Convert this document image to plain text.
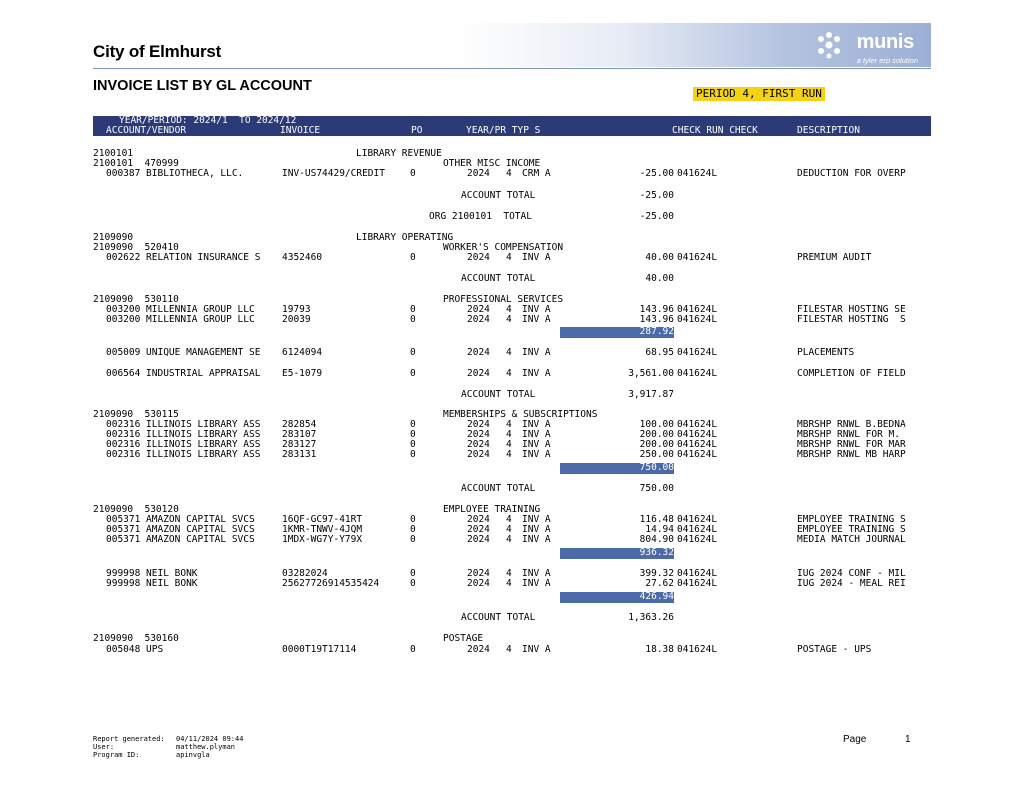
City of Elmhurst	munis
a tyler erp solution
INVOICE LIST BY GL ACCOUNT	PERIOD 4, FIRST RUN
YEAR/PERIOD: 2024/1  TO 2024/12
ACCOUNT/VENDOR	INVOICE	PO	YEAR/PR TYP S	CHECK RUN CHECK	DESCRIPTION
2100101	LIBRARY REVENUE
2100101  470999	OTHER MISC INCOME
000387 BIBLIOTHECA, LLC.	INV-US74429/CREDIT	0	2024 4 CRM A	-25.00 041624L	DEDUCTION FOR OVERP
ACCOUNT TOTAL	-25.00
ORG 2100101  TOTAL	-25.00
2109090	LIBRARY OPERATING
2109090  520410	WORKER'S COMPENSATION
002622 RELATION INSURANCE S 4352460	0	2024 4 INV A	40.00 041624L	PREMIUM AUDIT
ACCOUNT TOTAL	40.00
2109090  530110	PROFESSIONAL SERVICES
003200 MILLENNIA GROUP LLC	19793	0	2024 4 INV A	143.96 041624L	FILESTAR HOSTING SE
003200 MILLENNIA GROUP LLC	20039	0	2024 4 INV A	143.96 041624L	FILESTAR HOSTING  S
287.92
005009 UNIQUE MANAGEMENT SE 6124094	0	2024 4 INV A	68.95 041624L	PLACEMENTS
006564 INDUSTRIAL APPRAISAL E5-1079	0	2024 4 INV A	3,561.00 041624L	COMPLETION OF FIELD
ACCOUNT TOTAL	3,917.87
2109090  530115	MEMBERSHIPS & SUBSCRIPTIONS
002316 ILLINOIS LIBRARY ASS 282854	0	2024 4 INV A	100.00 041624L	MBRSHP RNWL B.BEDNA
002316 ILLINOIS LIBRARY ASS 283107	0	2024 4 INV A	200.00 041624L	MBRSHP RNWL FOR M.
002316 ILLINOIS LIBRARY ASS 283127	0	2024 4 INV A	200.00 041624L	MBRSHP RNWL FOR MAR
002316 ILLINOIS LIBRARY ASS 283131	0	2024 4 INV A	250.00 041624L	MBRSHP RNWL MB HARP
750.00
ACCOUNT TOTAL	750.00
2109090  530120	EMPLOYEE TRAINING
005371 AMAZON CAPITAL SVCS	16QF-GC97-41RT	0	2024 4 INV A	116.48 041624L	EMPLOYEE TRAINING S
005371 AMAZON CAPITAL SVCS	1KMR-TNWV-4JQM	0	2024 4 INV A	14.94 041624L	EMPLOYEE TRAINING S
005371 AMAZON CAPITAL SVCS	1MDX-WG7Y-Y79X	0	2024 4 INV A	804.90 041624L	MEDIA MATCH JOURNAL
936.32
999998 NEIL BONK	03282024	0	2024 4 INV A	399.32 041624L	IUG 2024 CONF - MIL
999998 NEIL BONK	25627726914535424	0	2024 4 INV A	27.62 041624L	IUG 2024 - MEAL REI
426.94
ACCOUNT TOTAL	1,363.26
2109090  530160	POSTAGE
005048 UPS	0000T19T17114	0	2024 4 INV A	18.38 041624L	POSTAGE - UPS
Report generated: 04/11/2024 09:44
User:	matthew.plyman
Program ID:	apinvgla
Page	1
